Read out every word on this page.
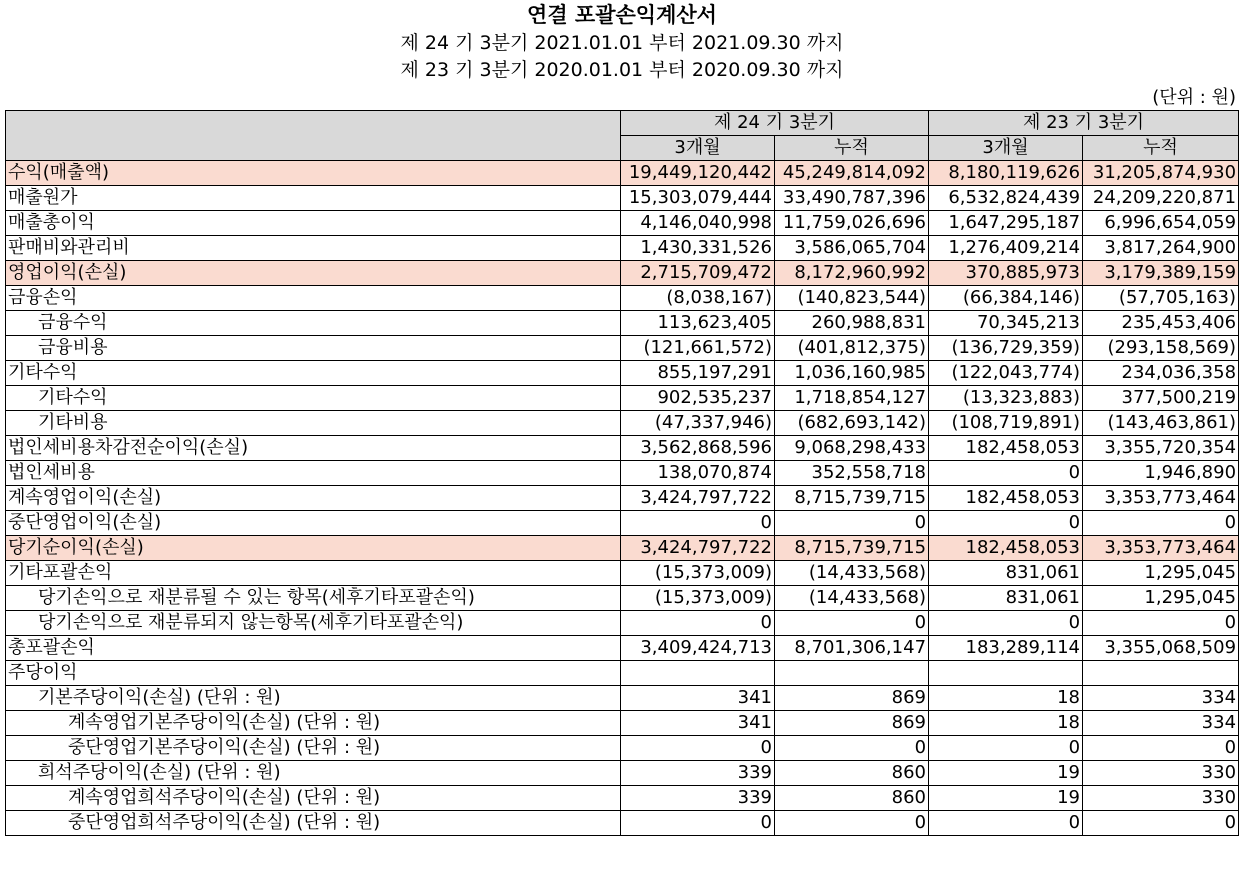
연결 포괄손익계산서
제 24 기 3분기 2021.01.01 부터 2021.09.30 까지
제 23 기 3분기 2020.01.01 부터 2020.09.30 까지
(단위 : 원)
	제 24 기 3분기		제 23 기 3분기	
	3개월	누적	3개월	누적
수익(매출액)	19,449,120,442	45,249,814,092	8,180,119,626	31,205,874,930
매출원가	15,303,079,444	33,490,787,396	6,532,824,439	24,209,220,871
매출총이익	4,146,040,998	11,759,026,696	1,647,295,187	6,996,654,059
판매비와관리비	1,430,331,526	3,586,065,704	1,276,409,214	3,817,264,900
영업이익(손실)	2,715,709,472	8,172,960,992	370,885,973	3,179,389,159
금융손익	(8,038,167)	(140,823,544)	(66,384,146)	(57,705,163)
금융수익	113,623,405	260,988,831	70,345,213	235,453,406
금융비용	(121,661,572)	(401,812,375)	(136,729,359)	(293,158,569)
기타수익	855,197,291	1,036,160,985	(122,043,774)	234,036,358
기타수익	902,535,237	1,718,854,127	(13,323,883)	377,500,219
기타비용	(47,337,946)	(682,693,142)	(108,719,891)	(143,463,861)
법인세비용차감전순이익(손실)	3,562,868,596	9,068,298,433	182,458,053	3,355,720,354
법인세비용	138,070,874	352,558,718	0	1,946,890
계속영업이익(손실)	3,424,797,722	8,715,739,715	182,458,053	3,353,773,464
중단영업이익(손실)	0	0	0	0
당기순이익(손실)	3,424,797,722	8,715,739,715	182,458,053	3,353,773,464
기타포괄손익	(15,373,009)	(14,433,568)	831,061	1,295,045
당기손익으로 재분류될 수 있는 항목(세후기타포괄손익)	(15,373,009)	(14,433,568)	831,061	1,295,045
당기손익으로 재분류되지 않는항목(세후기타포괄손익)	0	0	0	0
총포괄손익	3,409,424,713	8,701,306,147	183,289,114	3,355,068,509
주당이익				
기본주당이익(손실) (단위 : 원)	341	869	18	334
계속영업기본주당이익(손실) (단위 : 원)	341	869	18	334
중단영업기본주당이익(손실) (단위 : 원)	0	0	0	0
희석주당이익(손실) (단위 : 원)	339	860	19	330
계속영업희석주당이익(손실) (단위 : 원)	339	860	19	330
중단영업희석주당이익(손실) (단위 : 원)	0	0	0	0
